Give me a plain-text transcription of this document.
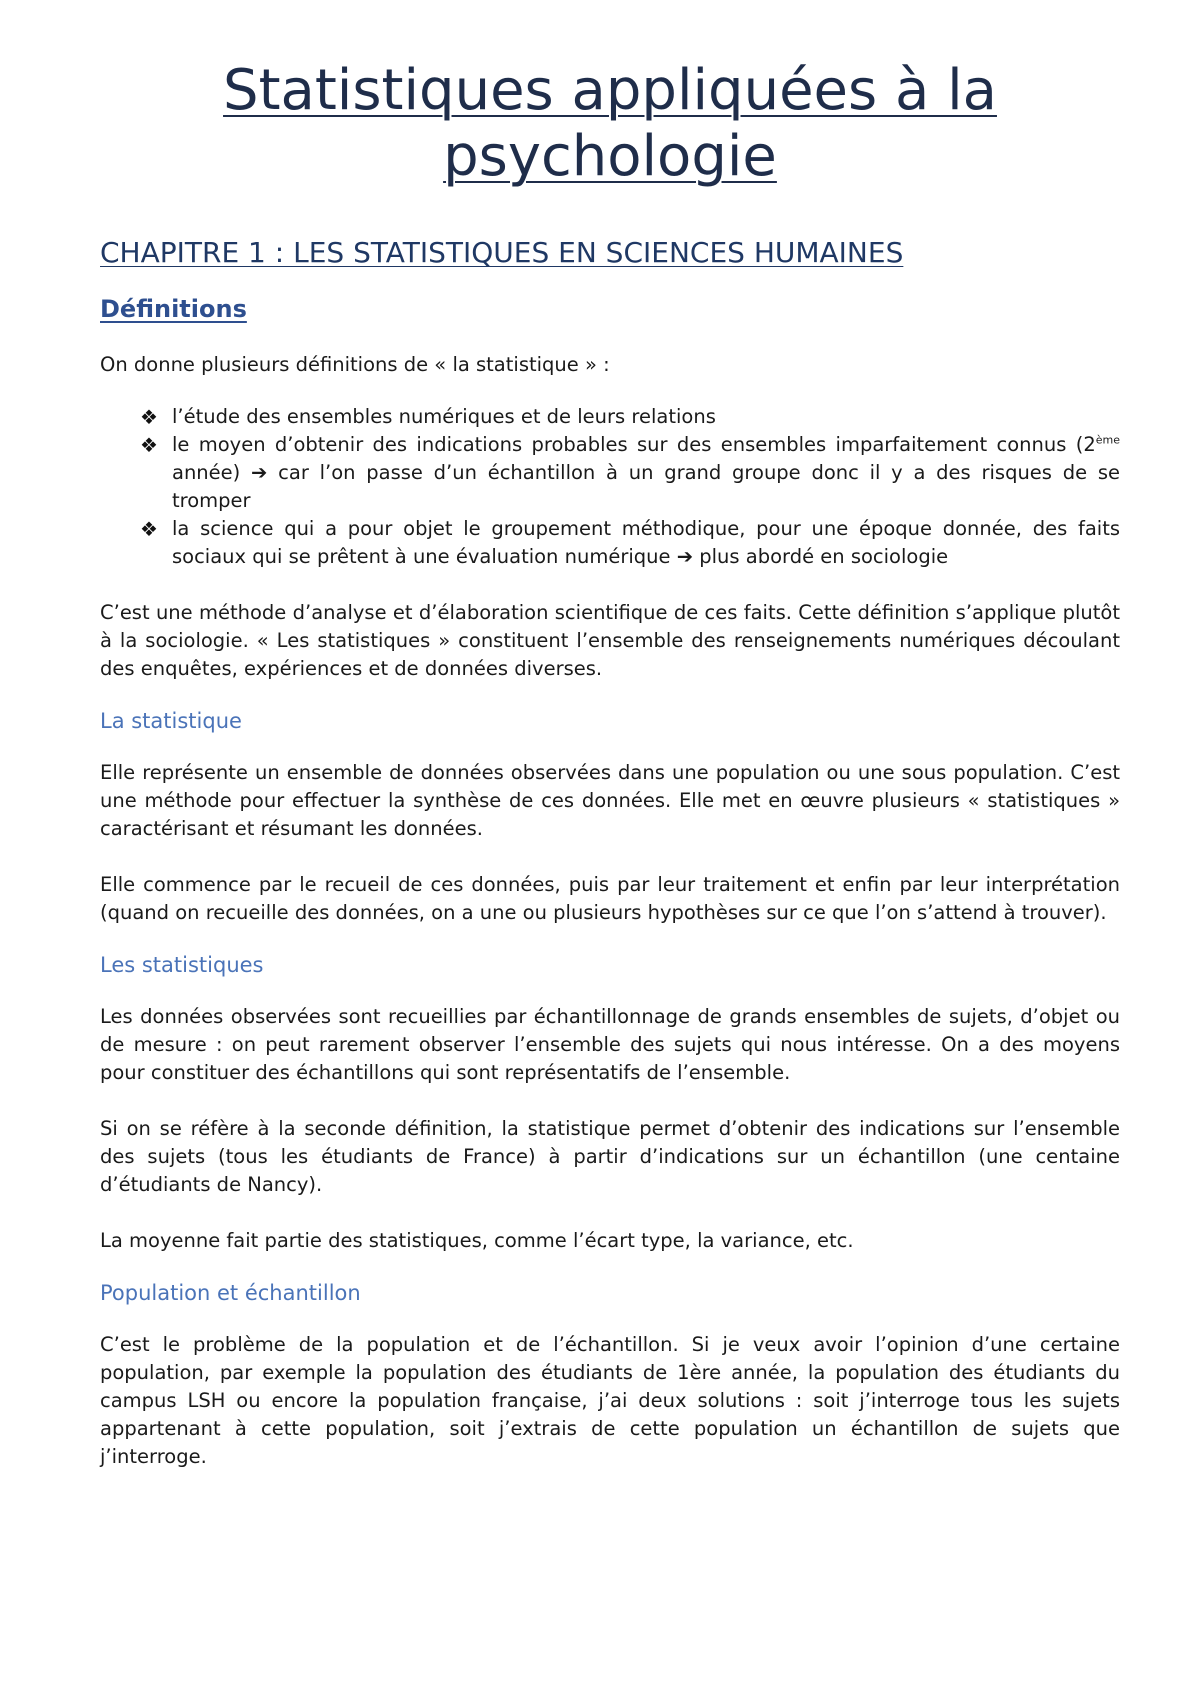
Statistiques appliquées à la
psychologie
CHAPITRE 1 : LES STATISTIQUES EN SCIENCES HUMAINES
Définitions

On donne plusieurs définitions de « la statistique » :

❖ l’étude des ensembles numériques et de leurs relations
❖ le moyen d’obtenir des indications probables sur des ensembles imparfaitement connus (2ème année) ➔ car l’on passe d’un échantillon à un grand groupe donc il y a des risques de se tromper
❖ la science qui a pour objet le groupement méthodique, pour une époque donnée, des faits sociaux qui se prêtent à une évaluation numérique ➔ plus abordé en sociologie

C’est une méthode d’analyse et d’élaboration scientifique de ces faits. Cette définition s’applique plutôt à la sociologie. « Les statistiques » constituent l’ensemble des renseignements numériques découlant des enquêtes, expériences et de données diverses.

La statistique

Elle représente un ensemble de données observées dans une population ou une sous population. C’est une méthode pour effectuer la synthèse de ces données. Elle met en œuvre plusieurs « statistiques » caractérisant et résumant les données.

Elle commence par le recueil de ces données, puis par leur traitement et enfin par leur interprétation (quand on recueille des données, on a une ou plusieurs hypothèses sur ce que l’on s’attend à trouver).

Les statistiques

Les données observées sont recueillies par échantillonnage de grands ensembles de sujets, d’objet ou de mesure : on peut rarement observer l’ensemble des sujets qui nous intéresse. On a des moyens pour constituer des échantillons qui sont représentatifs de l’ensemble.

Si on se réfère à la seconde définition, la statistique permet d’obtenir des indications sur l’ensemble des sujets (tous les étudiants de France) à partir d’indications sur un échantillon (une centaine d’étudiants de Nancy).

La moyenne fait partie des statistiques, comme l’écart type, la variance, etc.

Population et échantillon

C’est le problème de la population et de l’échantillon. Si je veux avoir l’opinion d’une certaine population, par exemple la population des étudiants de 1ère année, la population des étudiants du campus LSH ou encore la population française, j’ai deux solutions : soit j’interroge tous les sujets appartenant à cette population, soit j’extrais de cette population un échantillon de sujets que j’interroge.
